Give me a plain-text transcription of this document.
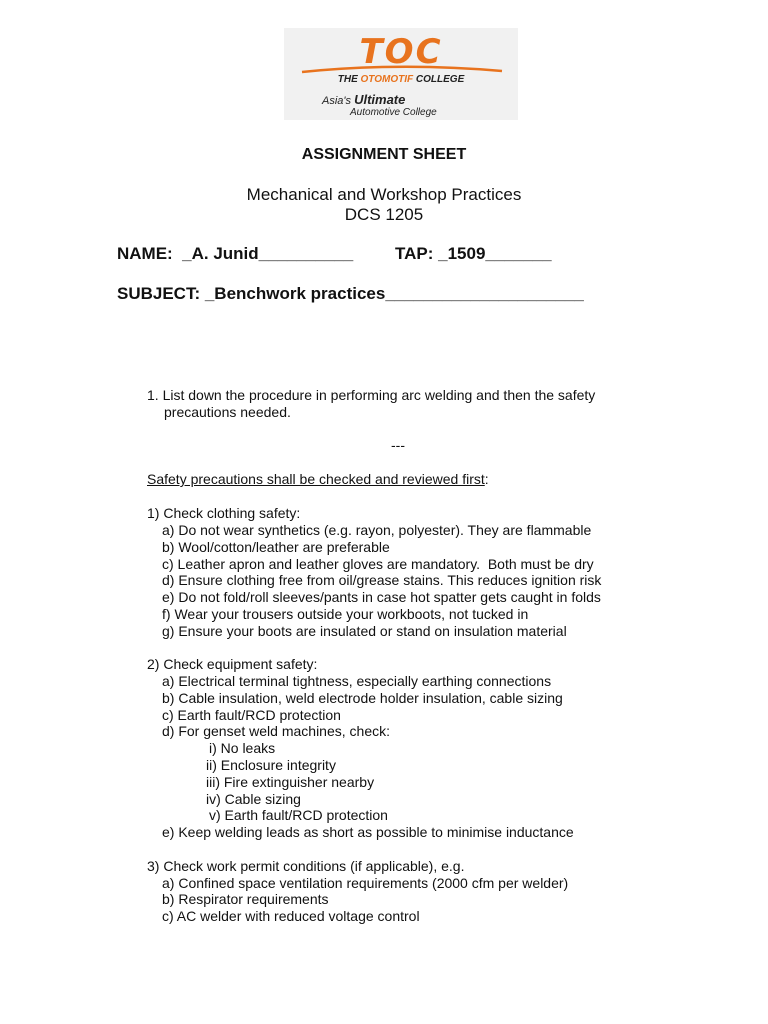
TOC
THE OTOMOTIF COLLEGE
Asia's Ultimate
Automotive College
ASSIGNMENT SHEET
Mechanical and Workshop Practices
DCS 1205
NAME:  _A. Junid__________ TAP: _1509_______
SUBJECT: _Benchwork practices_____________________
1. List down the procedure in performing arc welding and then the safety
precautions needed.
---
Safety precautions shall be checked and reviewed first:
1) Check clothing safety:
a) Do not wear synthetics (e.g. rayon, polyester). They are flammable
b) Wool/cotton/leather are preferable
c) Leather apron and leather gloves are mandatory.  Both must be dry
d) Ensure clothing free from oil/grease stains. This reduces ignition risk
e) Do not fold/roll sleeves/pants in case hot spatter gets caught in folds
f) Wear your trousers outside your workboots, not tucked in
g) Ensure your boots are insulated or stand on insulation material
2) Check equipment safety:
a) Electrical terminal tightness, especially earthing connections
b) Cable insulation, weld electrode holder insulation, cable sizing
c) Earth fault/RCD protection
d) For genset weld machines, check:
i) No leaks
ii) Enclosure integrity
iii) Fire extinguisher nearby
iv) Cable sizing
v) Earth fault/RCD protection
e) Keep welding leads as short as possible to minimise inductance
3) Check work permit conditions (if applicable), e.g.
a) Confined space ventilation requirements (2000 cfm per welder)
b) Respirator requirements
c) AC welder with reduced voltage control
